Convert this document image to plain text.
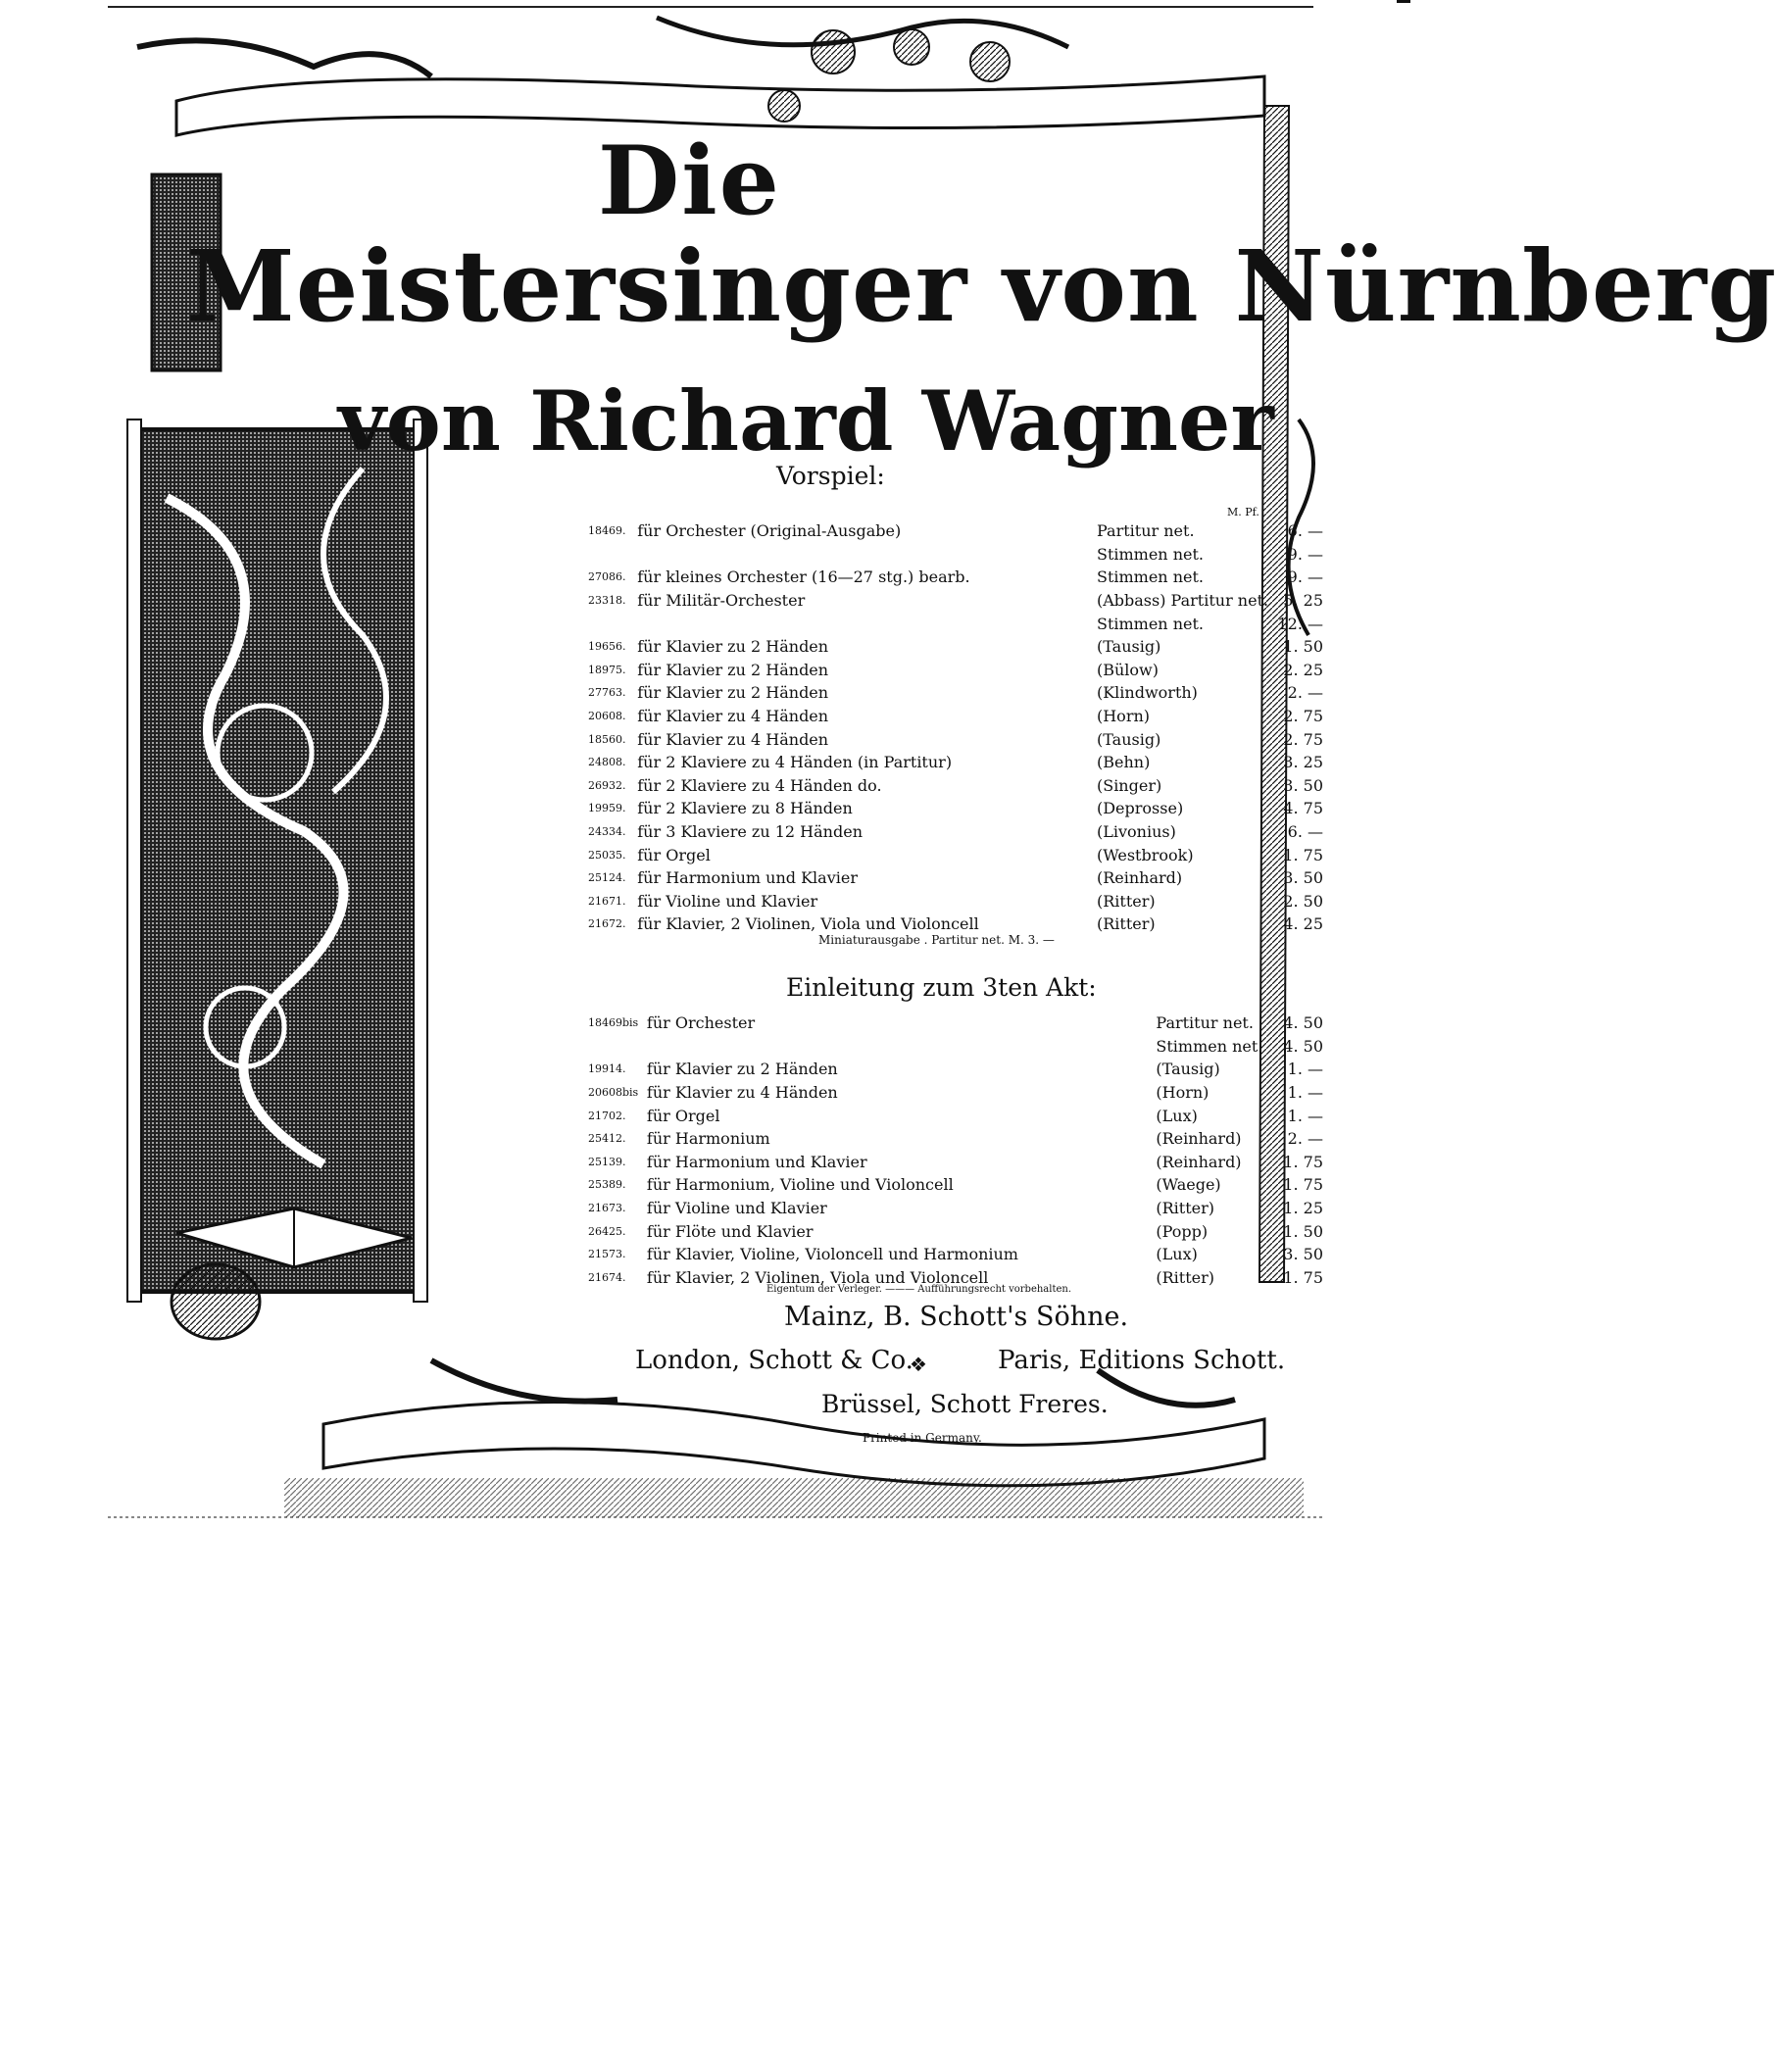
Die
Meistersinger von Nürnberg
von Richard Wagner
Vorspiel:
M. Pf.
18469.	für Orchester (Original-Ausgabe)	Partitur net.	6. —
		Stimmen net.	9. —
27086.	für kleines Orchester (16—27 stg.) bearb.	Stimmen net.	9. —
23318.	für Militär-Orchester	(Abbass) Partitur net.	5. 25
		Stimmen net.	12. —
19656.	für Klavier zu 2 Händen	(Tausig)	1. 50
18975.	für Klavier zu 2 Händen	(Bülow)	2. 25
27763.	für Klavier zu 2 Händen	(Klindworth)	2. —
20608.	für Klavier zu 4 Händen	(Horn)	2. 75
18560.	für Klavier zu 4 Händen	(Tausig)	2. 75
24808.	für 2 Klaviere zu 4 Händen (in Partitur)	(Behn)	3. 25
26932.	für 2 Klaviere zu 4 Händen do.	(Singer)	3. 50
19959.	für 2 Klaviere zu 8 Händen	(Deprosse)	4. 75
24334.	für 3 Klaviere zu 12 Händen	(Livonius)	6. —
25035.	für Orgel	(Westbrook)	1. 75
25124.	für Harmonium und Klavier	(Reinhard)	3. 50
21671.	für Violine und Klavier	(Ritter)	2. 50
21672.	für Klavier, 2 Violinen, Viola und Violoncell	(Ritter)	4. 25
Miniaturausgabe . Partitur net. M. 3. —
Einleitung zum 3ten Akt:
18469bis	für Orchester	Partitur net.	4. 50
		Stimmen net.	4. 50
19914.	für Klavier zu 2 Händen	(Tausig)	1. —
20608bis	für Klavier zu 4 Händen	(Horn)	1. —
21702.	für Orgel	(Lux)	1. —
25412.	für Harmonium	(Reinhard)	2. —
25139.	für Harmonium und Klavier	(Reinhard)	1. 75
25389.	für Harmonium, Violine und Violoncell	(Waege)	1. 75
21673.	für Violine und Klavier	(Ritter)	1. 25
26425.	für Flöte und Klavier	(Popp)	1. 50
21573.	für Klavier, Violine, Violoncell und Harmonium	(Lux)	3. 50
21674.	für Klavier, 2 Violinen, Viola und Violoncell	(Ritter)	1. 75
Eigentum der Verleger. ——— Aufführungsrecht vorbehalten.
Mainz, B. Schott's Söhne.
London, Schott & Co.
❖	Paris, Editions Schott.
Brüssel, Schott Freres.
Printed in Germany.
